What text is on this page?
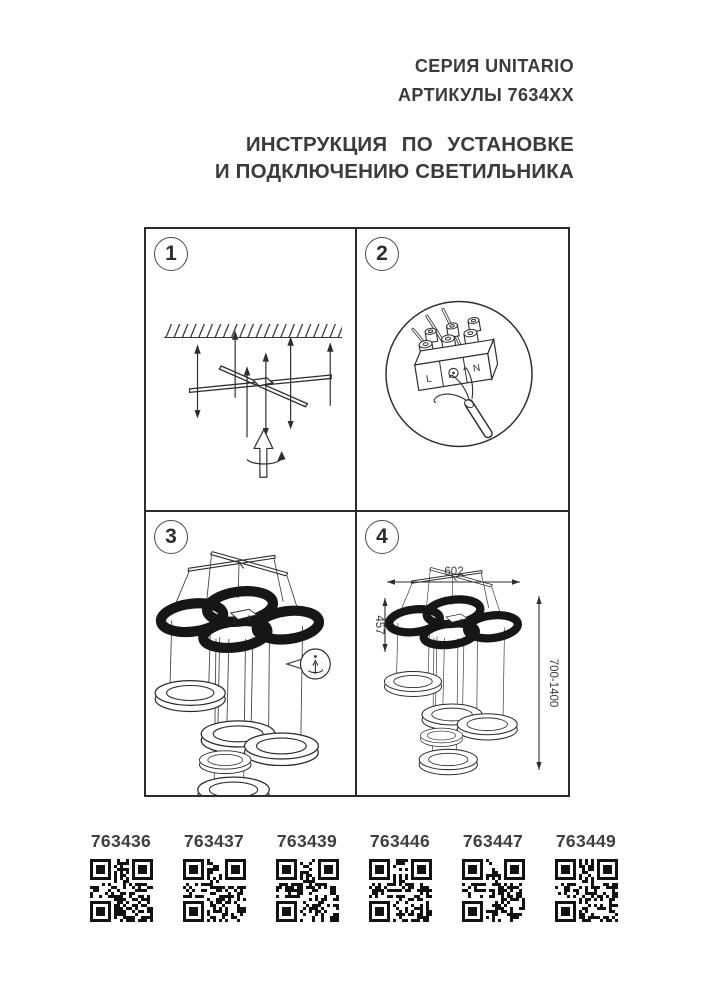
СЕРИЯ UNITARIO
АРТИКУЛЫ 7634XX
ИНСТРУКЦИЯ ПО УСТАНОВКЕ
И ПОДКЛЮЧЕНИЮ СВЕТИЛЬНИКА
1	2
L
N
3	4
602
457
700-1400
763436 763437 763439 763446 763447 763449
